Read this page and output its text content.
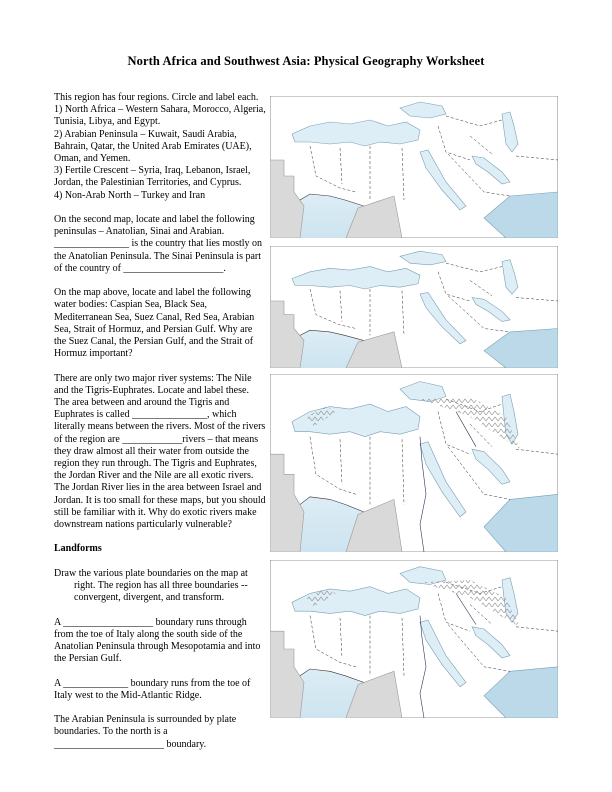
North Africa and Southwest Asia: Physical Geography Worksheet

This region has four regions. Circle and label each.
1) North Africa – Western Sahara, Morocco, Algeria, Tunisia, Libya, and Egypt.
2) Arabian Peninsula – Kuwait, Saudi Arabia, Bahrain, Qatar, the United Arab Emirates (UAE), Oman, and Yemen.
3) Fertile Crescent – Syria, Iraq, Lebanon, Israel, Jordan, the Palestinian Territories, and Cyprus.
4) Non-Arab North – Turkey and Iran

On the second map, locate and label the following peninsulas – Anatolian, Sinai and Arabian.
_______________ is the country that lies mostly on the Anatolian Peninsula. The Sinai Peninsula is part of the country of ____________________.

On the map above, locate and label the following water bodies: Caspian Sea, Black Sea, Mediterranean Sea, Suez Canal, Red Sea, Arabian Sea, Strait of Hormuz, and Persian Gulf. Why are the Suez Canal, the Persian Gulf, and the Strait of Hormuz important?

There are only two major river systems: The Nile and the Tigris-Euphrates. Locate and label these. The area between and around the Tigris and Euphrates is called _______________, which literally means between the rivers. Most of the rivers of the region are ____________rivers – that means they draw almost all their water from outside the region they run through. The Tigris and Euphrates, the Jordan River and the Nile are all exotic rivers. The Jordan River lies in the area between Israel and Jordan. It is too small for these maps, but you should still be familiar with it. Why do exotic rivers make downstream nations particularly vulnerable?

Landforms

Draw the various plate boundaries on the map at
right. The region has all three boundaries -- convergent, divergent, and transform.

A __________________ boundary runs through from the toe of Italy along the south side of the Anatolian Peninsula through Mesopotamia and into the Persian Gulf.

A _____________ boundary runs from the toe of Italy west to the Mid-Atlantic Ridge.

The Arabian Peninsula is surrounded by plate boundaries. To the north is a ______________________ boundary.
